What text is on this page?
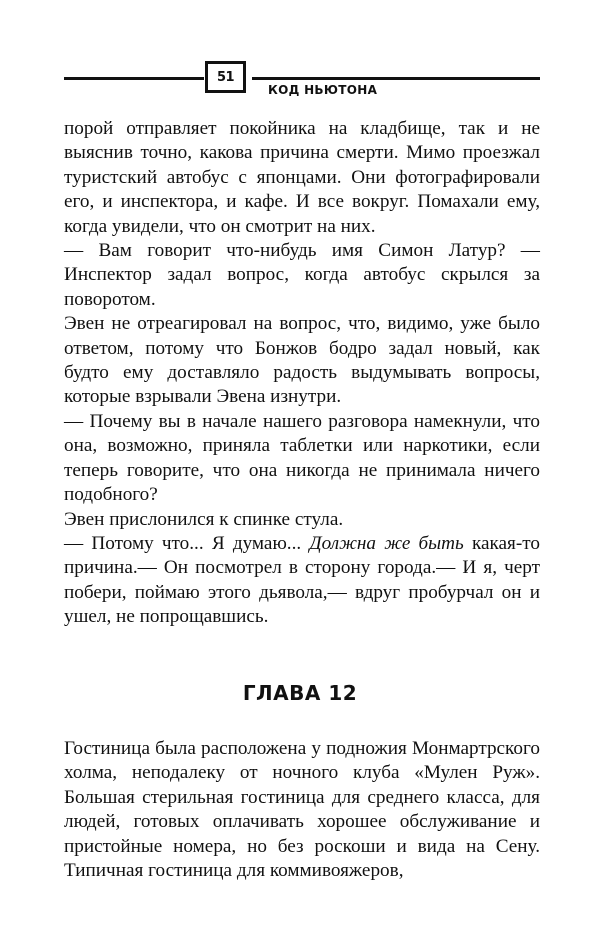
51
КОД НЬЮТОНА

порой отправляет покойника на кладбище, так и не выяснив точно, какова причина смерти. Мимо проезжал туристский автобус с японцами. Они фотографировали его, и инспектора, и кафе. И все вокруг. Помахали ему, когда увидели, что он смотрит на них.

— Вам говорит что-нибудь имя Симон Латур? — Инспектор задал вопрос, когда автобус скрылся за поворотом.

Эвен не отреагировал на вопрос, что, видимо, уже было ответом, потому что Бонжов бодро задал новый, как будто ему доставляло радость выдумывать вопросы, которые взрывали Эвена изнутри.

— Почему вы в начале нашего разговора намекнули, что она, возможно, приняла таблетки или наркотики, если теперь говорите, что она никогда не принимала ничего подобного?

Эвен прислонился к спинке стула.

— Потому что... Я думаю... Должна же быть какая-то причина.— Он посмотрел в сторону города.— И я, черт побери, поймаю этого дьявола,— вдруг пробурчал он и ушел, не попрощавшись.

ГЛАВА 12

Гостиница была расположена у подножия Монмартрского холма, неподалеку от ночного клуба «Мулен Руж». Большая стерильная гостиница для среднего класса, для людей, готовых оплачивать хорошее обслуживание и пристойные номера, но без роскоши и вида на Сену. Типичная гостиница для коммивояжеров,
